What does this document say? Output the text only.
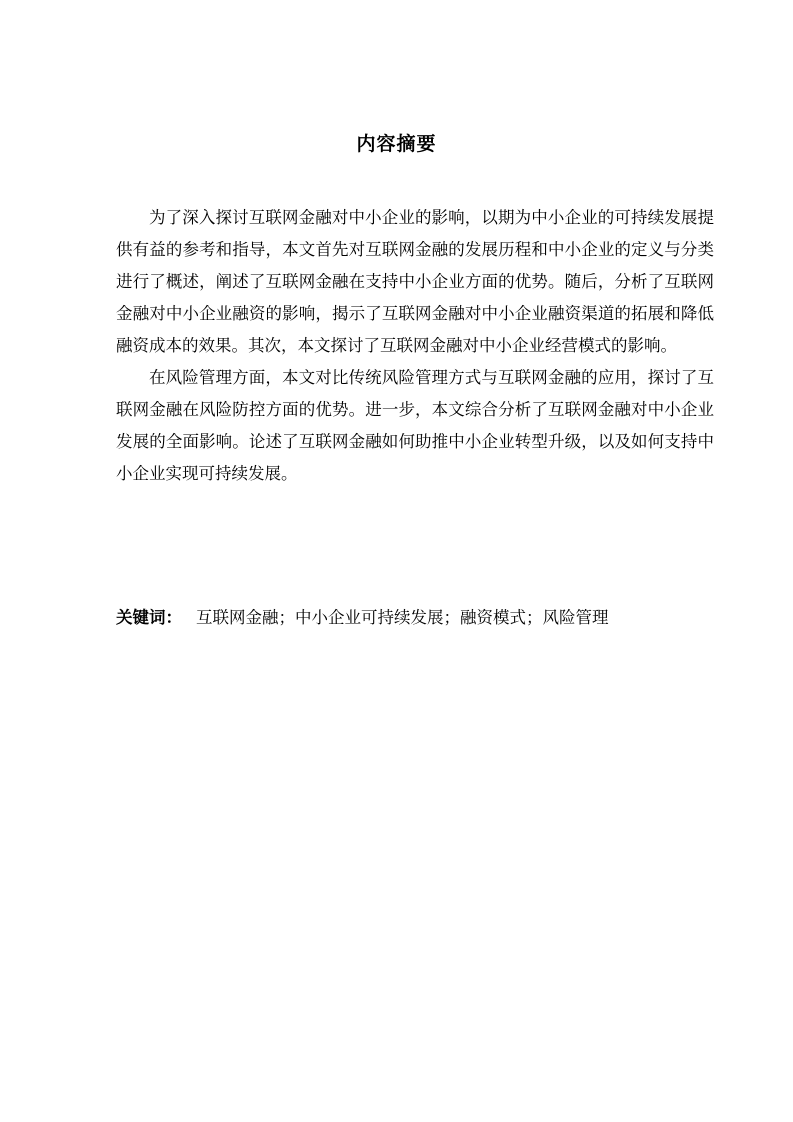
内容摘要

为了深入探讨互联网金融对中小企业的影响，以期为中小企业的可持续发展提供有益的参考和指导，本文首先对互联网金融的发展历程和中小企业的定义与分类进行了概述，阐述了互联网金融在支持中小企业方面的优势。随后，分析了互联网金融对中小企业融资的影响，揭示了互联网金融对中小企业融资渠道的拓展和降低融资成本的效果。其次，本文探讨了互联网金融对中小企业经营模式的影响。

在风险管理方面，本文对比传统风险管理方式与互联网金融的应用，探讨了互联网金融在风险防控方面的优势。进一步，本文综合分析了互联网金融对中小企业发展的全面影响。论述了互联网金融如何助推中小企业转型升级，以及如何支持中小企业实现可持续发展。

关键词： 互联网金融；中小企业可持续发展；融资模式；风险管理
